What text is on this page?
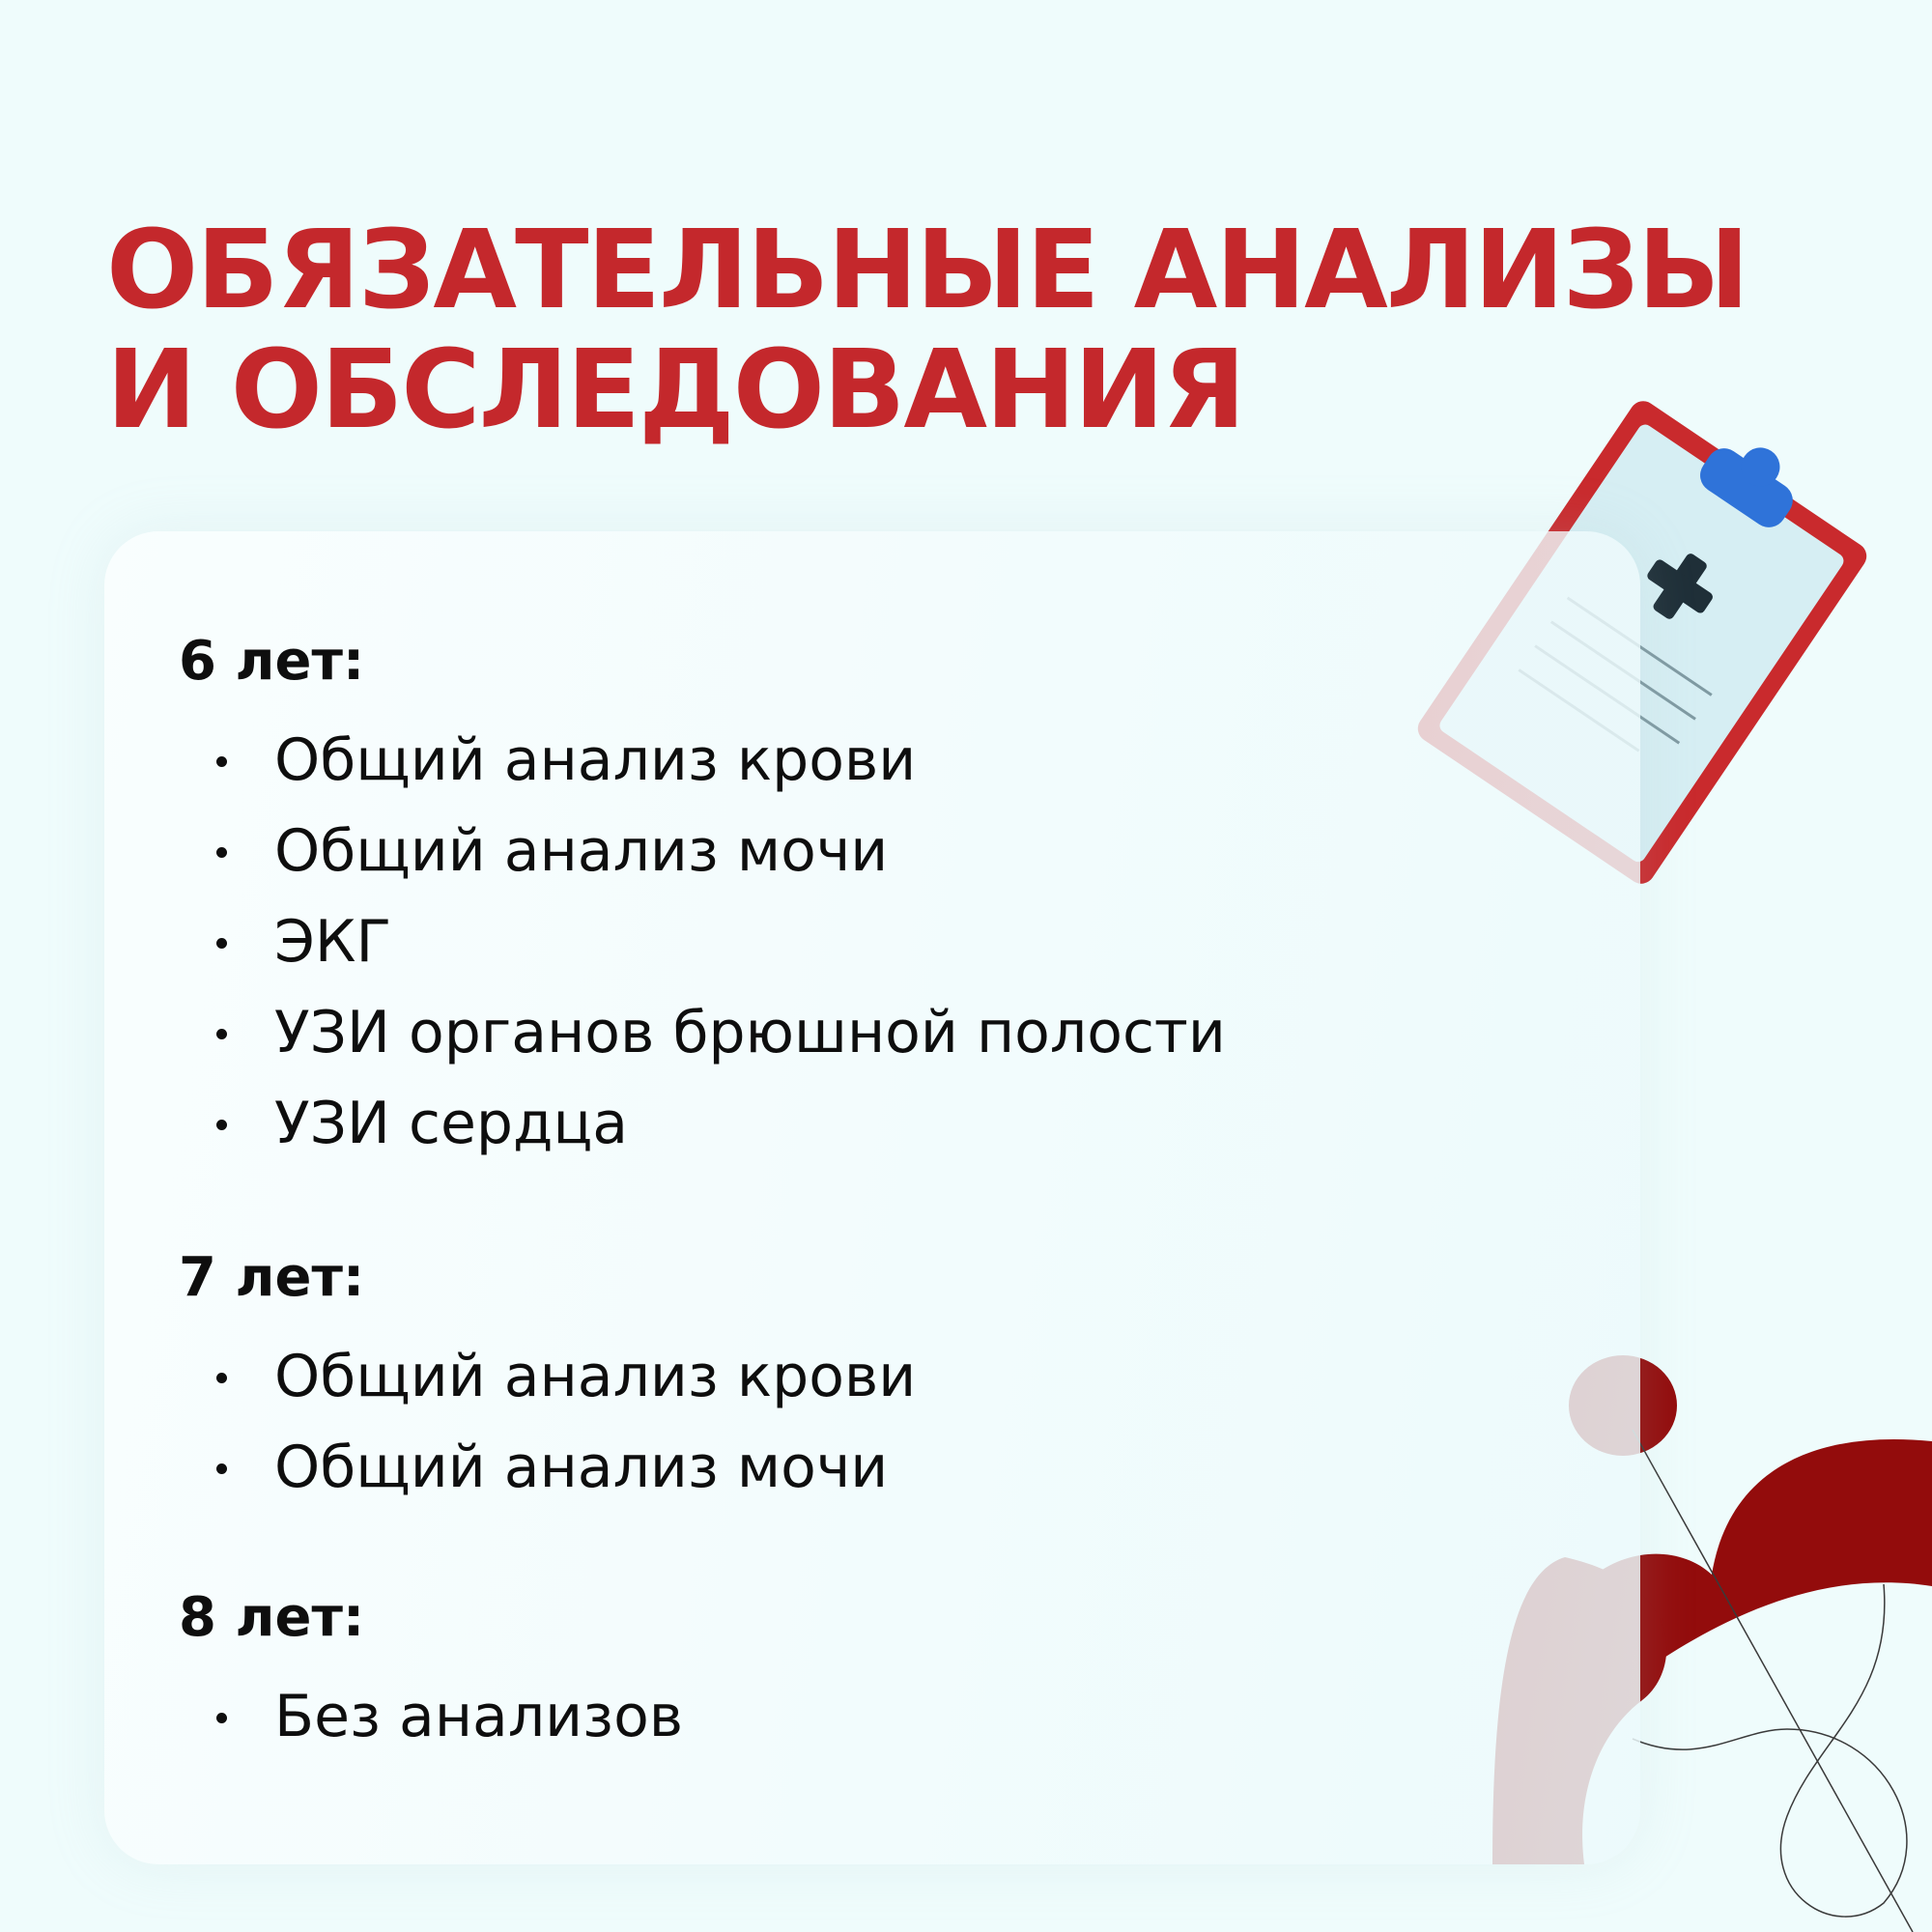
ОБЯЗАТЕЛЬНЫЕ АНАЛИЗЫ
И ОБСЛЕДОВАНИЯ
6 лет:
Общий анализ крови
Общий анализ мочи
ЭКГ
УЗИ органов брюшной полости
УЗИ сердца
7 лет:
Общий анализ крови
Общий анализ мочи
8 лет:
Без анализов
